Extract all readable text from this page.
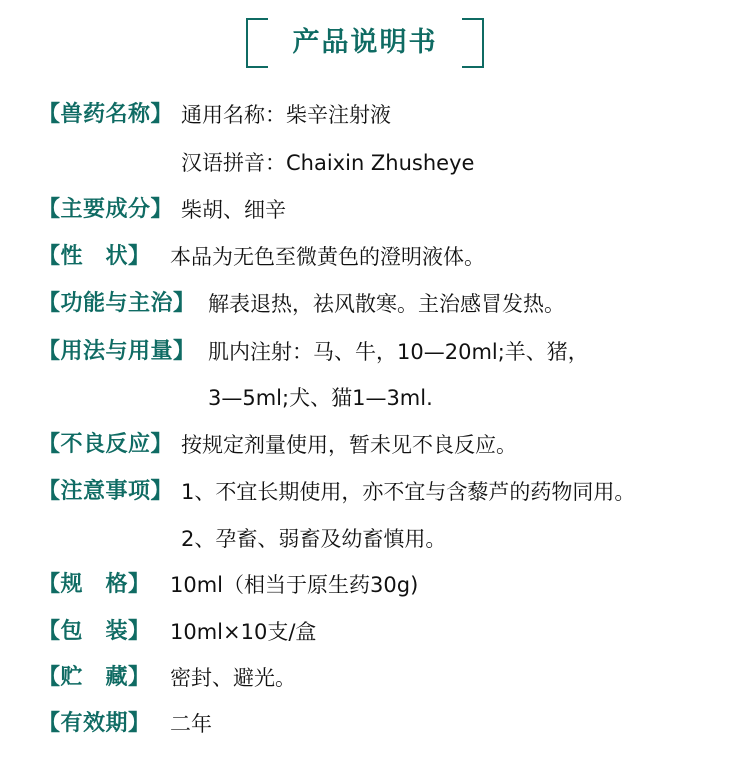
产品说明书
【兽药名称】 通用名称：柴辛注射液
汉语拼音：Chaixin Zhusheye
【主要成分】 柴胡、细辛
【性　状】 本品为无色至微黄色的澄明液体。
【功能与主治】 解表退热，祛风散寒。主治感冒发热。
【用法与用量】 肌内注射：马、牛，10—20ml;羊、猪，
3—5ml;犬、猫1—3ml.
【不良反应】 按规定剂量使用，暂未见不良反应。
【注意事项】 1、不宜长期使用，亦不宜与含藜芦的药物同用。
2、孕畜、弱畜及幼畜慎用。
【规　格】 10ml（相当于原生药30g)
【包　装】 10ml×10支/盒
【贮　藏】 密封、避光。
【有效期】 二年
